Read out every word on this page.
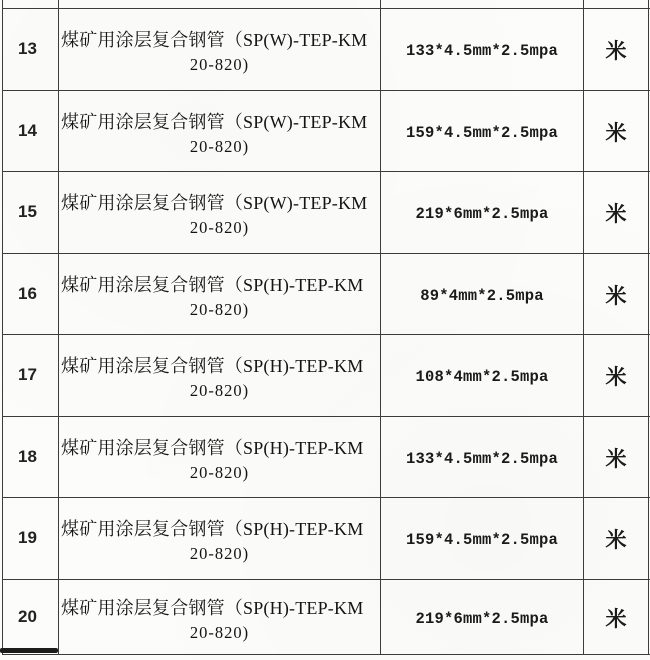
13	煤矿用涂层复合钢管（SP(W)-TEP-KM
20-820)
133*4.5mm*2.5mpa	米
14	煤矿用涂层复合钢管（SP(W)-TEP-KM
20-820)
159*4.5mm*2.5mpa	米
15	煤矿用涂层复合钢管（SP(W)-TEP-KM
20-820)
219*6mm*2.5mpa	米
16	煤矿用涂层复合钢管（SP(H)-TEP-KM
20-820)
89*4mm*2.5mpa	米
17	煤矿用涂层复合钢管（SP(H)-TEP-KM
20-820)
108*4mm*2.5mpa	米
18	煤矿用涂层复合钢管（SP(H)-TEP-KM
20-820)
133*4.5mm*2.5mpa	米
19	煤矿用涂层复合钢管（SP(H)-TEP-KM
20-820)
159*4.5mm*2.5mpa	米
20	煤矿用涂层复合钢管（SP(H)-TEP-KM
20-820)
219*6mm*2.5mpa	米
